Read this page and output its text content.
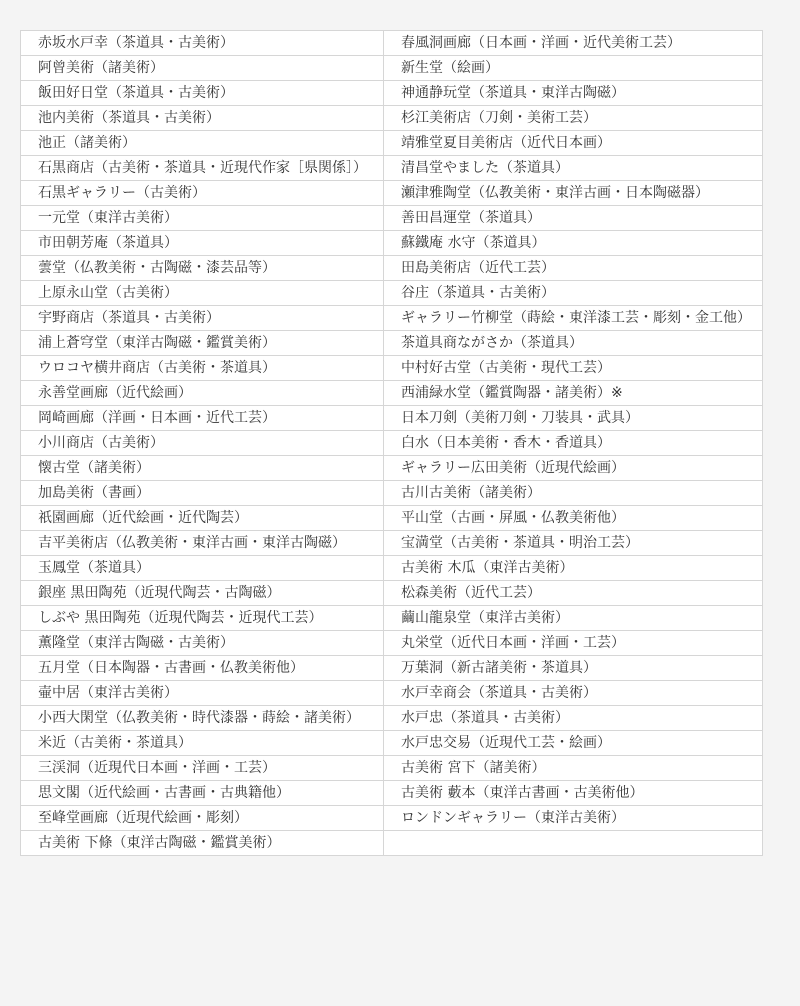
赤坂水戸幸（茶道具・古美術）	春風洞画廊（日本画・洋画・近代美術工芸）
阿曾美術（諸美術）	新生堂（絵画）
飯田好日堂（茶道具・古美術）	神通静玩堂（茶道具・東洋古陶磁）
池内美術（茶道具・古美術）	杉江美術店（刀剣・美術工芸）
池正（諸美術）	靖雅堂夏目美術店（近代日本画）
石黒商店（古美術・茶道具・近現代作家［県関係］）	清昌堂やました（茶道具）
石黒ギャラリー（古美術）	瀬津雅陶堂（仏教美術・東洋古画・日本陶磁器）
一元堂（東洋古美術）	善田昌運堂（茶道具）
市田朝芳庵（茶道具）	蘇鐵庵 水守（茶道具）
蕓堂（仏教美術・古陶磁・漆芸品等）	田島美術店（近代工芸）
上原永山堂（古美術）	谷庄（茶道具・古美術）
宇野商店（茶道具・古美術）	ギャラリー竹柳堂（蒔絵・東洋漆工芸・彫刻・金工他）
浦上蒼穹堂（東洋古陶磁・鑑賞美術）	茶道具商ながさか（茶道具）
ウロコヤ横井商店（古美術・茶道具）	中村好古堂（古美術・現代工芸）
永善堂画廊（近代絵画）	西浦緑水堂（鑑賞陶器・諸美術）※
岡崎画廊（洋画・日本画・近代工芸）	日本刀剣（美術刀剣・刀装具・武具）
小川商店（古美術）	白水（日本美術・香木・香道具）
懐古堂（諸美術）	ギャラリー広田美術（近現代絵画）
加島美術（書画）	古川古美術（諸美術）
祇園画廊（近代絵画・近代陶芸）	平山堂（古画・屏風・仏教美術他）
吉平美術店（仏教美術・東洋古画・東洋古陶磁）	宝満堂（古美術・茶道具・明治工芸）
玉鳳堂（茶道具）	古美術 木瓜（東洋古美術）
銀座 黒田陶苑（近現代陶芸・古陶磁）	松森美術（近代工芸）
しぶや 黒田陶苑（近現代陶芸・近現代工芸）	繭山龍泉堂（東洋古美術）
薫隆堂（東洋古陶磁・古美術）	丸栄堂（近代日本画・洋画・工芸）
五月堂（日本陶器・古書画・仏教美術他）	万葉洞（新古諸美術・茶道具）
壷中居（東洋古美術）	水戸幸商会（茶道具・古美術）
小西大閑堂（仏教美術・時代漆器・蒔絵・諸美術）	水戸忠（茶道具・古美術）
米近（古美術・茶道具）	水戸忠交易（近現代工芸・絵画）
三渓洞（近現代日本画・洋画・工芸）	古美術 宮下（諸美術）
思文閣（近代絵画・古書画・古典籍他）	古美術 藪本（東洋古書画・古美術他）
至峰堂画廊（近現代絵画・彫刻）	ロンドンギャラリー（東洋古美術）
古美術 下條（東洋古陶磁・鑑賞美術）	
